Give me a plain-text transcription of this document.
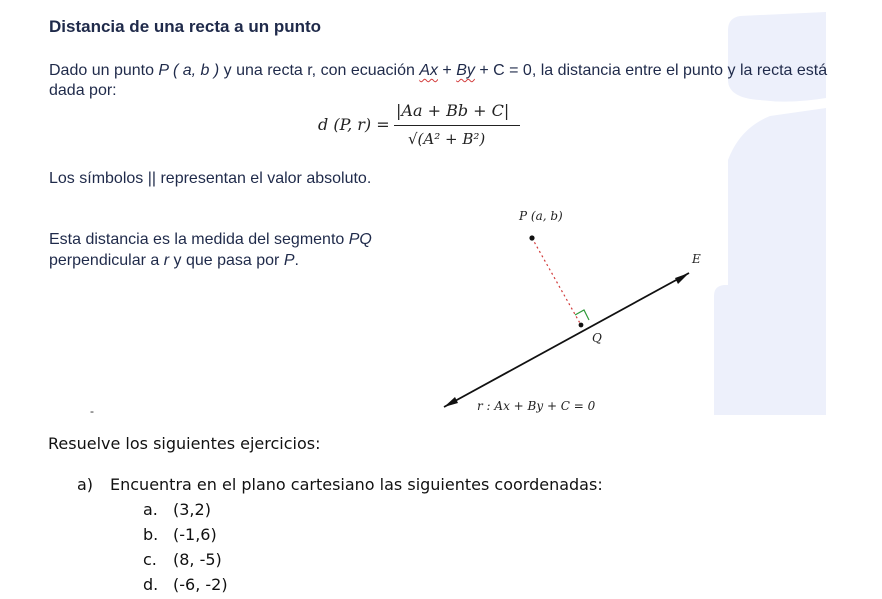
Distancia de una recta a un punto
Dado un punto P ( a, b ) y una recta r, con ecuación Ax + By + C = 0, la distancia entre el punto y la recta está dada por:
d (P, r) =
|Aa + Bb + C|
√(A² + B²)
Los símbolos || representan el valor absoluto.
Esta distancia es la medida del segmento PQ perpendicular a r y que pasa por P.
P (a, b)
E
Q
r : Ax + By + C = 0
-
Resuelve los siguientes ejercicios:
a) Encuentra en el plano cartesiano las siguientes coordenadas:
a. (3,2)
b. (-1,6)
c. (8, -5)
d. (-6, -2)
